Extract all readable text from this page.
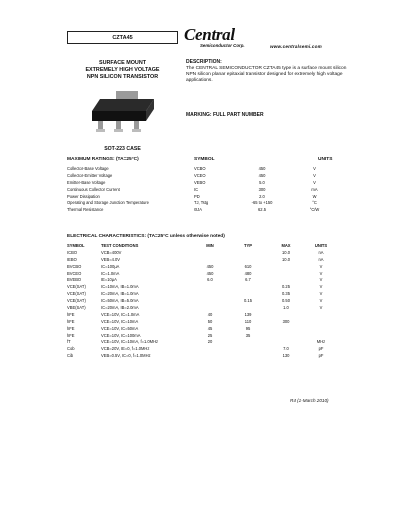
CZTA45
SURFACE MOUNT
EXTREMELY HIGH VOLTAGE
NPN SILICON TRANSISTOR
SOT-223 CASE
Central
Semiconductor Corp.	www.centralsemi.com
DESCRIPTION:
The CENTRAL SEMICONDUCTOR CZTA45 type is a surface mount silicon NPN silicon planar epitaxial transistor designed for extremely high voltage applications.
MARKING: FULL PART NUMBER
MAXIMUM RATINGS: (TA=25°C)	SYMBOL	UNITS
Collector-Base Voltage	VCBO	450	V
Collector-Emitter Voltage	VCEO	450	V
Emitter-Base Voltage	VEBO	5.0	V
Continuous Collector Current	IC	300	mA
Power Dissipation	PD	2.0	W
Operating and Storage Junction Temperature	TJ, Tstg	-65 to +150	°C
Thermal Resistance	ΘJA	62.5	°C/W
ELECTRICAL CHARACTERISTICS: (TA=25°C unless otherwise noted)
SYMBOL	TEST CONDITIONS	MIN	TYP	MAX	UNITS
ICBO	VCB=400V			10.0	nA
IEBO	VEB=4.0V			10.0	nA
BVCBO	IC=100μA	450	610		V
BVCEO	IC=1.0mA	450	480		V
BVEBO	IE=10μA	6.0	6.7		V
VCE(SAT)	IC=10mA, IB=1.0mA			0.25	V
VCE(SAT)	IC=20mA, IB=1.0mA			0.35	V
VCE(SAT)	IC=50mA, IB=5.0mA		0.15	0.50	V
VBE(SAT)	IC=20mA, IB=2.0mA			1.0	V
hFE	VCE=10V, IC=1.0mA	40	139		
hFE	VCE=10V, IC=10mA	50	110	300	
hFE	VCE=10V, IC=50mA	45	95		
hFE	VCE=10V, IC=100mA	25	35		
fT	VCE=10V, IC=10mA, f=1.0MHz	20			MHz
Cob	VCB=20V, IE=0, f=1.0MHz			7.0	pF
Cib	VEB=0.5V, IC=0, f=1.0MHz			130	pF
R4 (1-March 2010)
